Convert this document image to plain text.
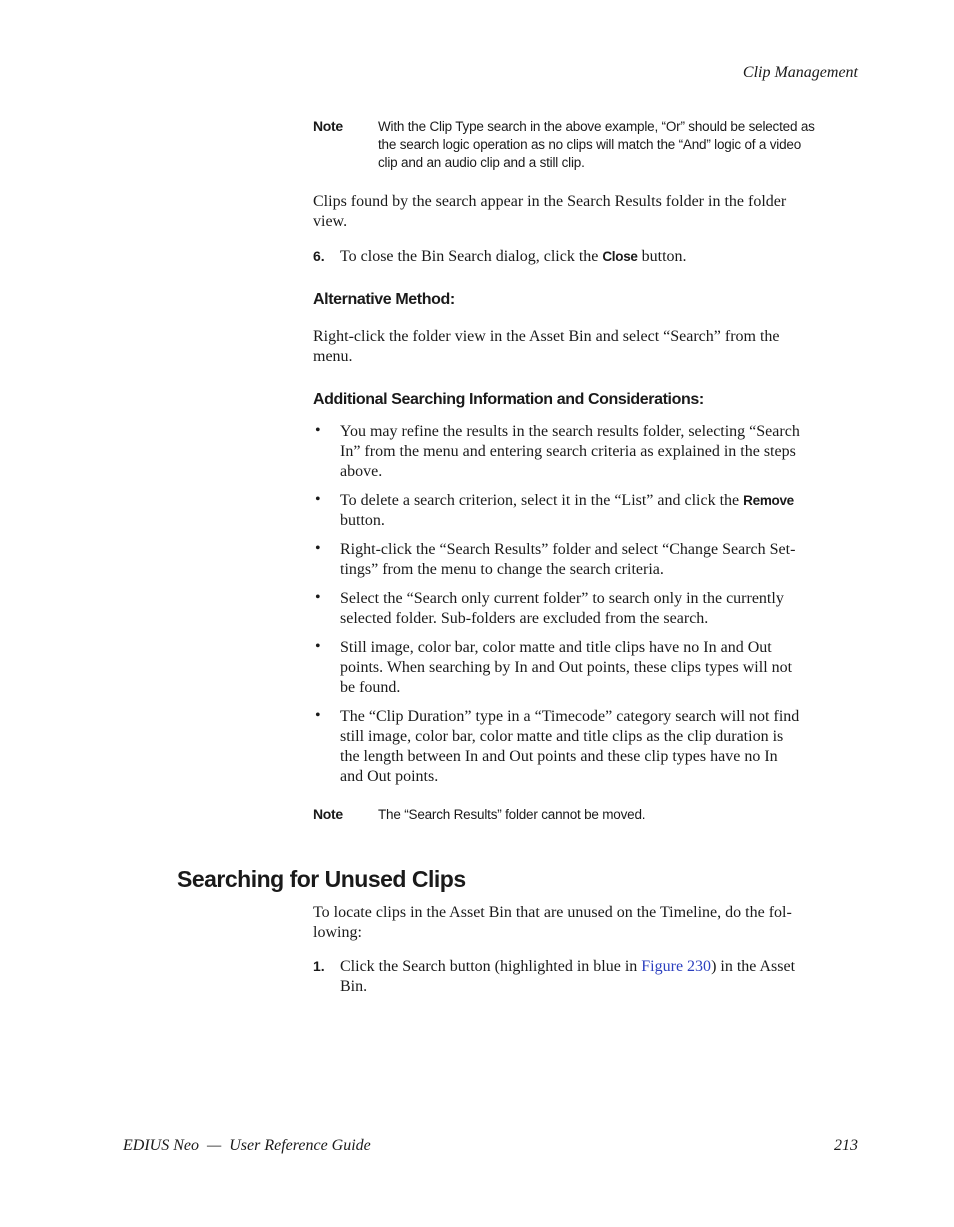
Clip Management
Note	With the Clip Type search in the above example, “Or” should be selected as
the search logic operation as no clips will match the “And” logic of a video
clip and an audio clip and a still clip.
Clips found by the search appear in the Search Results folder in the folder
view.
6. To close the Bin Search dialog, click the Close button.
Alternative Method:
Right-click the folder view in the Asset Bin and select “Search” from the
menu.
Additional Searching Information and Considerations:
• You may refine the results in the search results folder, selecting “Search
In” from the menu and entering search criteria as explained in the steps
above.
• To delete a search criterion, select it in the “List” and click the Remove
button.
• Right-click the “Search Results” folder and select “Change Search Set-
tings” from the menu to change the search criteria.
• Select the “Search only current folder” to search only in the currently
selected folder. Sub-folders are excluded from the search.
• Still image, color bar, color matte and title clips have no In and Out
points. When searching by In and Out points, these clips types will not
be found.
• The “Clip Duration” type in a “Timecode” category search will not find
still image, color bar, color matte and title clips as the clip duration is
the length between In and Out points and these clip types have no In
and Out points.
Note	The “Search Results” folder cannot be moved.
Searching for Unused Clips
To locate clips in the Asset Bin that are unused on the Timeline, do the fol-
lowing:
1. Click the Search button (highlighted in blue in Figure 230) in the Asset
Bin.
EDIUS Neo  —  User Reference Guide	213
